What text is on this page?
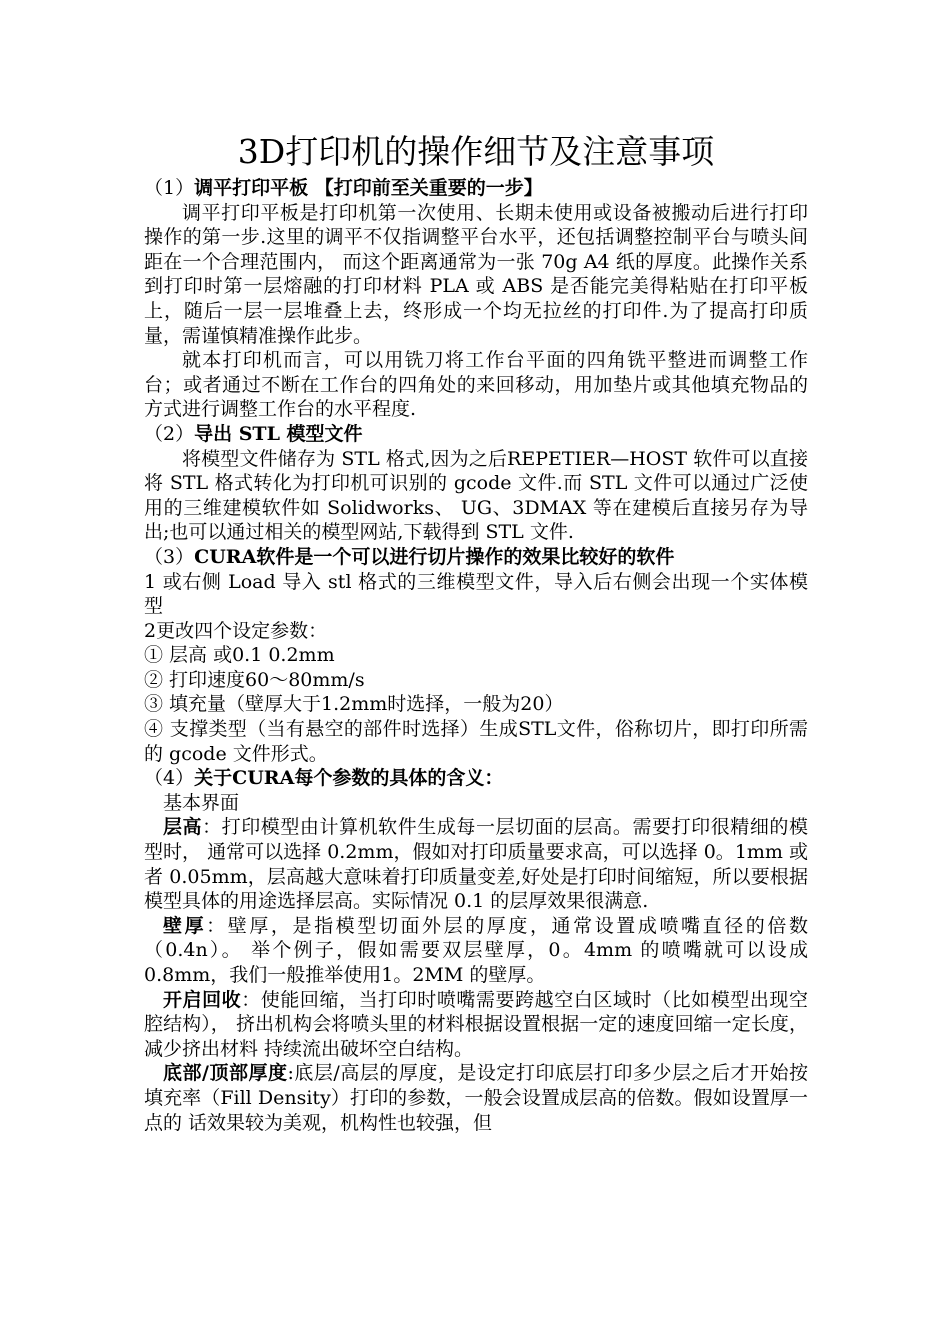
3D打印机的操作细节及注意事项

（1）调平打印平板 【打印前至关重要的一步】

调平打印平板是打印机第一次使用、长期未使用或设备被搬动后进行打印操作的第一步.这里的调平不仅指调整平台水平，还包括调整控制平台与喷头间距在一个合理范围内， 而这个距离通常为一张 70g A4 纸的厚度。此操作关系到打印时第一层熔融的打印材料 PLA 或 ABS 是否能完美得粘贴在打印平板上，随后一层一层堆叠上去，终形成一个均无拉丝的打印件.为了提高打印质量，需谨慎精准操作此步。

就本打印机而言，可以用铣刀将工作台平面的四角铣平整进而调整工作台；或者通过不断在工作台的四角处的来回移动，用加垫片或其他填充物品的方式进行调整工作台的水平程度.

（2）导出 STL 模型文件

将模型文件储存为 STL 格式,因为之后REPETIER—HOST 软件可以直接将 STL 格式转化为打印机可识别的 gcode 文件.而 STL 文件可以通过广泛使用的三维建模软件如 Solidworks、 UG、3DMAX 等在建模后直接另存为导出;也可以通过相关的模型网站,下载得到 STL 文件.

（3）CURA软件是一个可以进行切片操作的效果比较好的软件

1 或右侧 Load 导入 stl 格式的三维模型文件，导入后右侧会出现一个实体模型

2更改四个设定参数：

① 层高 或0.1 0.2mm

② 打印速度60～80mm/s

③ 填充量（壁厚大于1.2mm时选择，一般为20）

④ 支撑类型（当有悬空的部件时选择）生成STL文件，俗称切片，即打印所需的 gcode 文件形式。

（4）关于CURA每个参数的具体的含义：

基本界面

层高：打印模型由计算机软件生成每一层切面的层高。需要打印很精细的模型时， 通常可以选择 0.2mm，假如对打印质量要求高，可以选择 0。1mm 或者 0.05mm，层高越大意味着打印质量变差,好处是打印时间缩短，所以要根据模型具体的用途选择层高。实际情况 0.1 的层厚效果很满意.

壁厚：壁厚，是指模型切面外层的厚度，通常设置成喷嘴直径的倍数（0.4n）。 举个例子，假如需要双层壁厚，0。4mm 的喷嘴就可以设成0.8mm，我们一般推举使用1。2MM 的壁厚。

开启回收：使能回缩，当打印时喷嘴需要跨越空白区域时（比如模型出现空腔结构）， 挤出机构会将喷头里的材料根据设置根据一定的速度回缩一定长度，减少挤出材料 持续流出破坏空白结构。

底部/顶部厚度:底层/高层的厚度，是设定打印底层打印多少层之后才开始按 填充率（Fill Density）打印的参数，一般会设置成层高的倍数。假如设置厚一点的 话效果较为美观，机构性也较强，但
